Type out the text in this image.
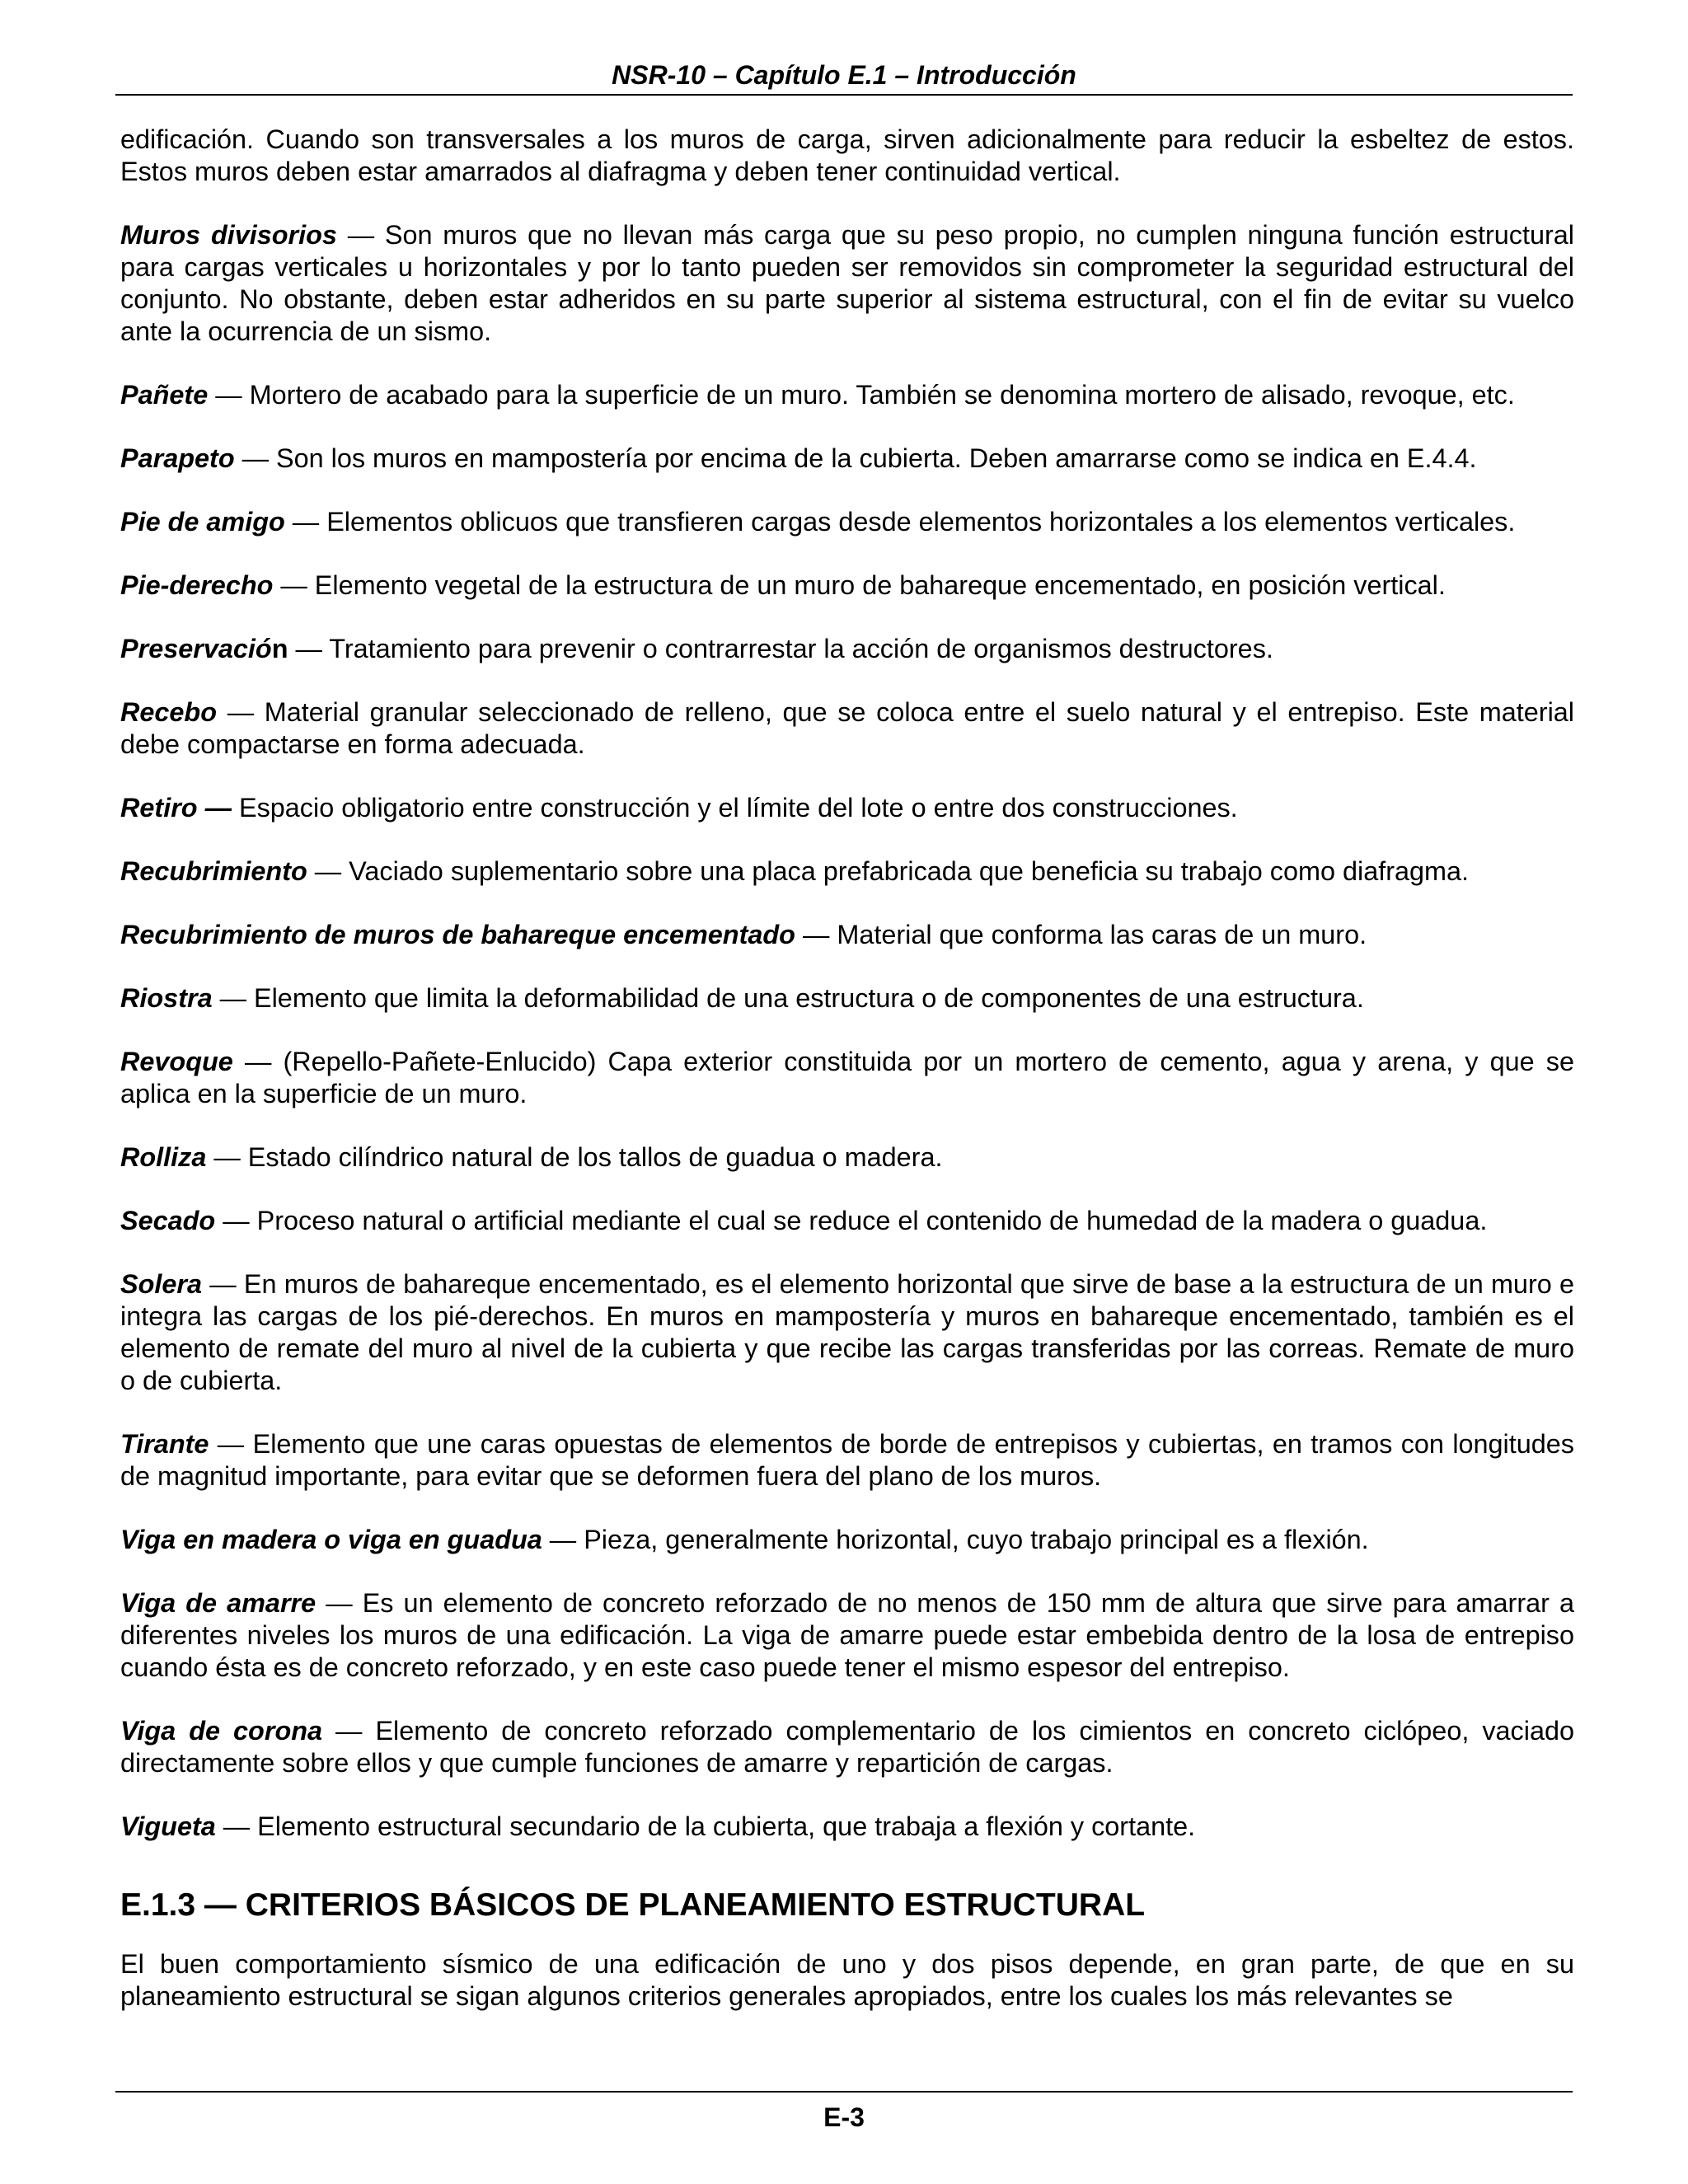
NSR-10 – Capítulo E.1 – Introducción

edificación. Cuando son transversales a los muros de carga, sirven adicionalmente para reducir la esbeltez de estos. Estos muros deben estar amarrados al diafragma y deben tener continuidad vertical.

Muros divisorios — Son muros que no llevan más carga que su peso propio, no cumplen ninguna función estructural para cargas verticales u horizontales y por lo tanto pueden ser removidos sin comprometer la seguridad estructural del conjunto. No obstante, deben estar adheridos en su parte superior al sistema estructural, con el fin de evitar su vuelco ante la ocurrencia de un sismo.

Pañete — Mortero de acabado para la superficie de un muro. También se denomina mortero de alisado, revoque, etc.

Parapeto — Son los muros en mampostería por encima de la cubierta. Deben amarrarse como se indica en E.4.4.

Pie de amigo — Elementos oblicuos que transfieren cargas desde elementos horizontales a los elementos verticales.

Pie-derecho — Elemento vegetal de la estructura de un muro de bahareque encementado, en posición vertical.

Preservación — Tratamiento para prevenir o contrarrestar la acción de organismos destructores.

Recebo — Material granular seleccionado de relleno, que se coloca entre el suelo natural y el entrepiso. Este material debe compactarse en forma adecuada.

Retiro — Espacio obligatorio entre construcción y el límite del lote o entre dos construcciones.

Recubrimiento — Vaciado suplementario sobre una placa prefabricada que beneficia su trabajo como diafragma.

Recubrimiento de muros de bahareque encementado — Material que conforma las caras de un muro.

Riostra — Elemento que limita la deformabilidad de una estructura o de componentes de una estructura.

Revoque — (Repello-Pañete-Enlucido) Capa exterior constituida por un mortero de cemento, agua y arena, y que se aplica en la superficie de un muro.

Rolliza — Estado cilíndrico natural de los tallos de guadua o madera.

Secado — Proceso natural o artificial mediante el cual se reduce el contenido de humedad de la madera o guadua.

Solera — En muros de bahareque encementado, es el elemento horizontal que sirve de base a la estructura de un muro e integra las cargas de los pié-derechos. En muros en mampostería y muros en bahareque encementado, también es el elemento de remate del muro al nivel de la cubierta y que recibe las cargas transferidas por las correas. Remate de muro o de cubierta.

Tirante — Elemento que une caras opuestas de elementos de borde de entrepisos y cubiertas, en tramos con longitudes de magnitud importante, para evitar que se deformen fuera del plano de los muros.

Viga en madera o viga en guadua — Pieza, generalmente horizontal, cuyo trabajo principal es a flexión.

Viga de amarre — Es un elemento de concreto reforzado de no menos de 150 mm de altura que sirve para amarrar a diferentes niveles los muros de una edificación. La viga de amarre puede estar embebida dentro de la losa de entrepiso cuando ésta es de concreto reforzado, y en este caso puede tener el mismo espesor del entrepiso.

Viga de corona — Elemento de concreto reforzado complementario de los cimientos en concreto ciclópeo, vaciado directamente sobre ellos y que cumple funciones de amarre y repartición de cargas.

Vigueta — Elemento estructural secundario de la cubierta, que trabaja a flexión y cortante.

E.1.3 — CRITERIOS BÁSICOS DE PLANEAMIENTO ESTRUCTURAL

El buen comportamiento sísmico de una edificación de uno y dos pisos depende, en gran parte, de que en su planeamiento estructural se sigan algunos criterios generales apropiados, entre los cuales los más relevantes se

E-3
